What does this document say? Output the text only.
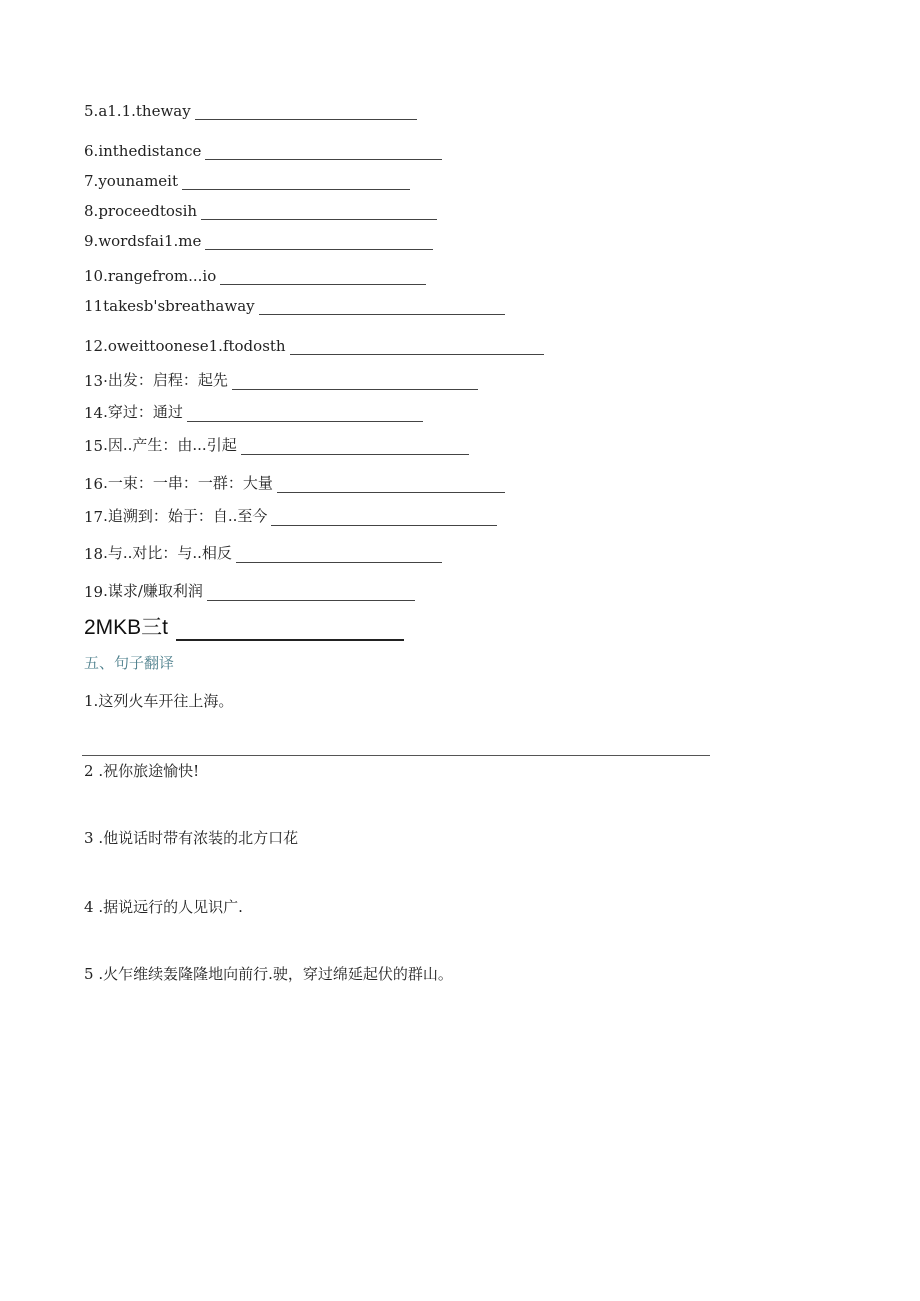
5 .a1.1.theway
6 .inthedistance
7 .younameit
8 .proceedtosih
9 .wordsfai1.me
10 .rangefrom...io
11 takesb'sbreathaway
12. oweittoonese1.ftodosth
13· 出发：启程：起先
14 .穿过：通过
15 .因..产生：由...引起
16 .一束：一串：一群：大量
17 .追溯到：始于：自..至今
18 .与..对比：与..相反
19 .谋求/赚取利润
2MKB三t
五、句子翻译
1.这列火车开往上海。
2 .祝你旅途愉快!
3 .他说话时带有浓装的北方口花
4 .据说远行的人见识广.
5 .火乍维续轰隆隆地向前行.驶，穿过绵延起伏的群山。
